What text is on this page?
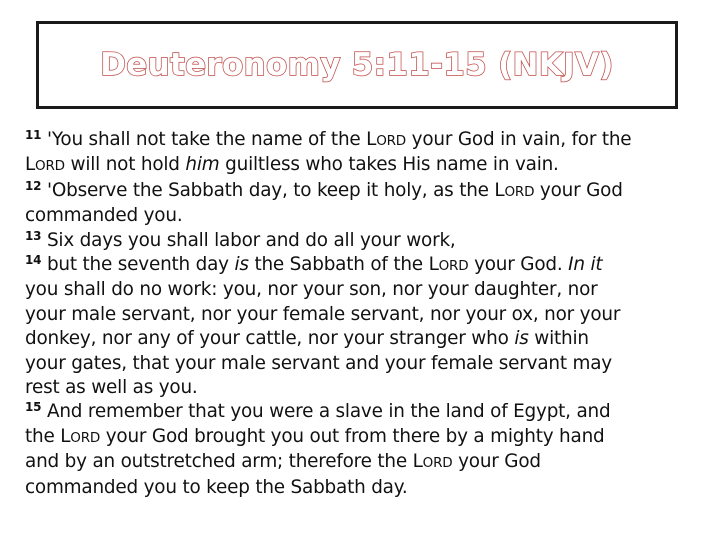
Deuteronomy 5:11-15 (NKJV)
$^{11}$ 'You shall not take the name of the LORD your God in vain, for the
LORD will not hold him guiltless who takes His name in vain.
$^{12}$ 'Observe the Sabbath day, to keep it holy, as the LORD your God
commanded you.
$^{13}$ Six days you shall labor and do all your work,
$^{14}$ but the seventh day is the Sabbath of the LORD your God. In it
you shall do no work: you, nor your son, nor your daughter, nor
your male servant, nor your female servant, nor your ox, nor your
donkey, nor any of your cattle, nor your stranger who is within
your gates, that your male servant and your female servant may
rest as well as you.
$^{15}$ And remember that you were a slave in the land of Egypt, and
the LORD your God brought you out from there by a mighty hand
and by an outstretched arm; therefore the LORD your God
commanded you to keep the Sabbath day.
